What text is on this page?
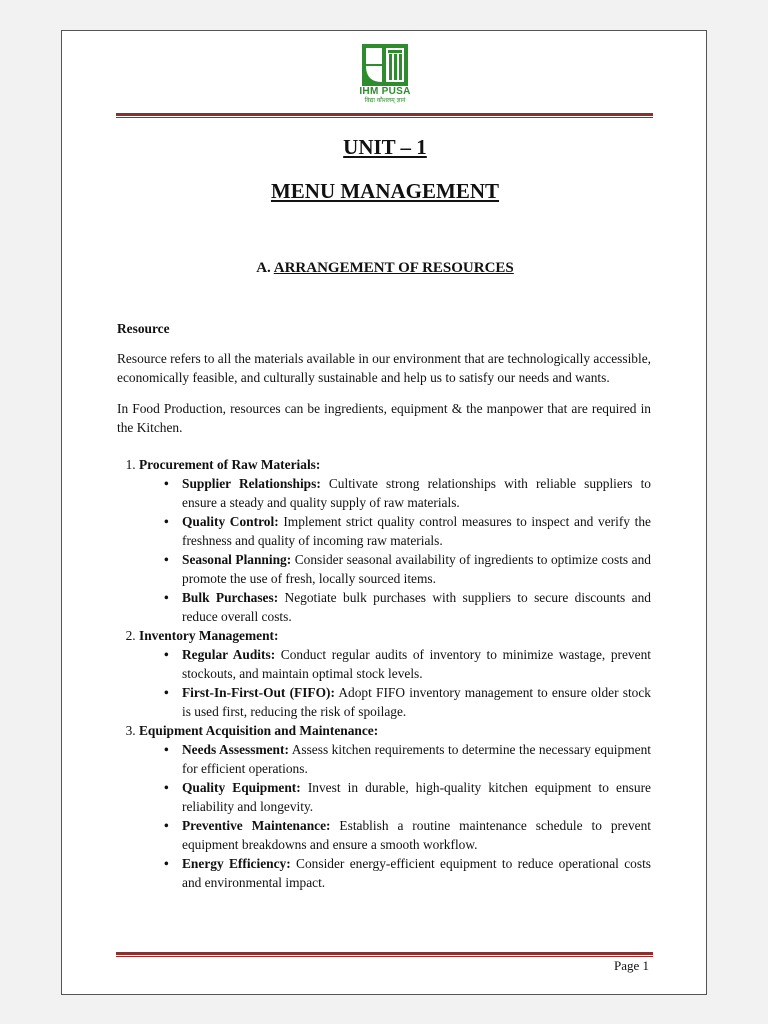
IHM PUSA
विद्या कौशलम् ज्ञानं
UNIT – 1
MENU MANAGEMENT
A. ARRANGEMENT OF RESOURCES

Resource

Resource refers to all the materials available in our environment that are technologically accessible, economically feasible, and culturally sustainable and help us to satisfy our needs and wants.

In Food Production, resources can be ingredients, equipment & the manpower that are required in the Kitchen.

1. Procurement of Raw Materials:
• Supplier Relationships: Cultivate strong relationships with reliable suppliers to ensure a steady and quality supply of raw materials.
• Quality Control: Implement strict quality control measures to inspect and verify the freshness and quality of incoming raw materials.
• Seasonal Planning: Consider seasonal availability of ingredients to optimize costs and promote the use of fresh, locally sourced items.
• Bulk Purchases: Negotiate bulk purchases with suppliers to secure discounts and reduce overall costs.
2. Inventory Management:
• Regular Audits: Conduct regular audits of inventory to minimize wastage, prevent stockouts, and maintain optimal stock levels.
• First-In-First-Out (FIFO): Adopt FIFO inventory management to ensure older stock is used first, reducing the risk of spoilage.
3. Equipment Acquisition and Maintenance:
• Needs Assessment: Assess kitchen requirements to determine the necessary equipment for efficient operations.
• Quality Equipment: Invest in durable, high-quality kitchen equipment to ensure reliability and longevity.
• Preventive Maintenance: Establish a routine maintenance schedule to prevent equipment breakdowns and ensure a smooth workflow.
• Energy Efficiency: Consider energy-efficient equipment to reduce operational costs and environmental impact.
Page 1
